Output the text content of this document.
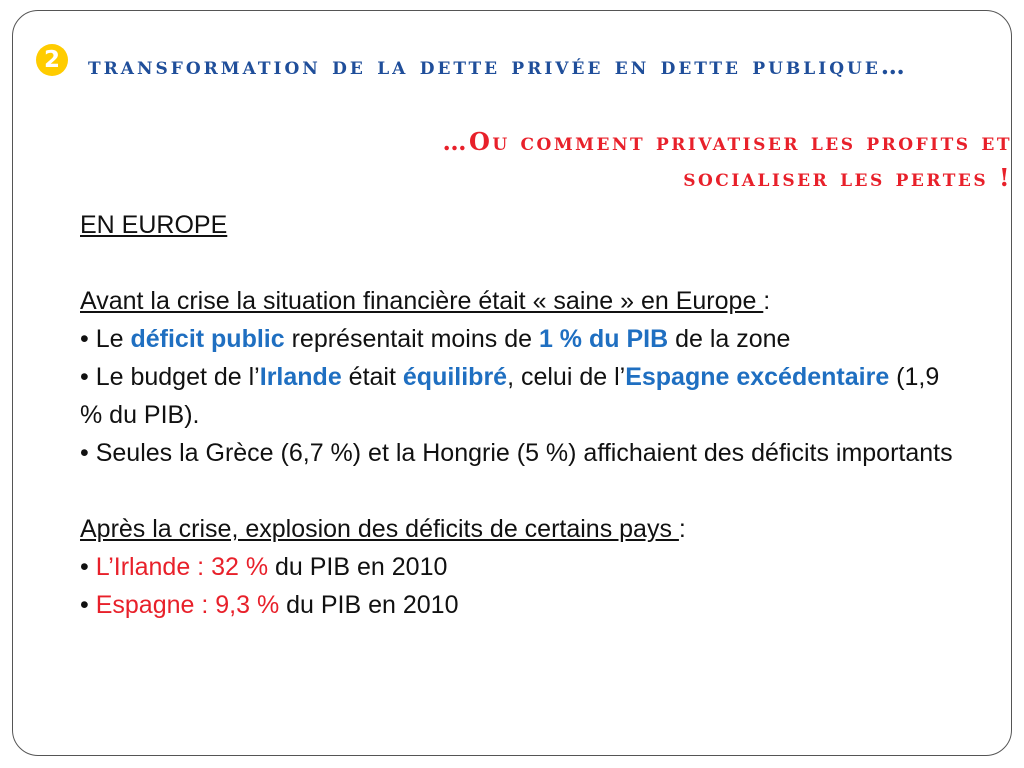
2	transformation de la dette privée en dette publique…
…Ou comment privatiser les profits et
socialiser les pertes !

EN EUROPE

Avant la crise la situation financière était « saine » en Europe :

• Le déficit public représentait moins de 1 % du PIB de la zone

• Le budget de l’Irlande était équilibré, celui de l’Espagne excédentaire (1,9 % du PIB).

• Seules la Grèce (6,7 %) et la Hongrie (5 %) affichaient des déficits importants

Après la crise, explosion des déficits de certains pays :

• L’Irlande : 32 % du PIB en 2010

• Espagne : 9,3 % du PIB en 2010
